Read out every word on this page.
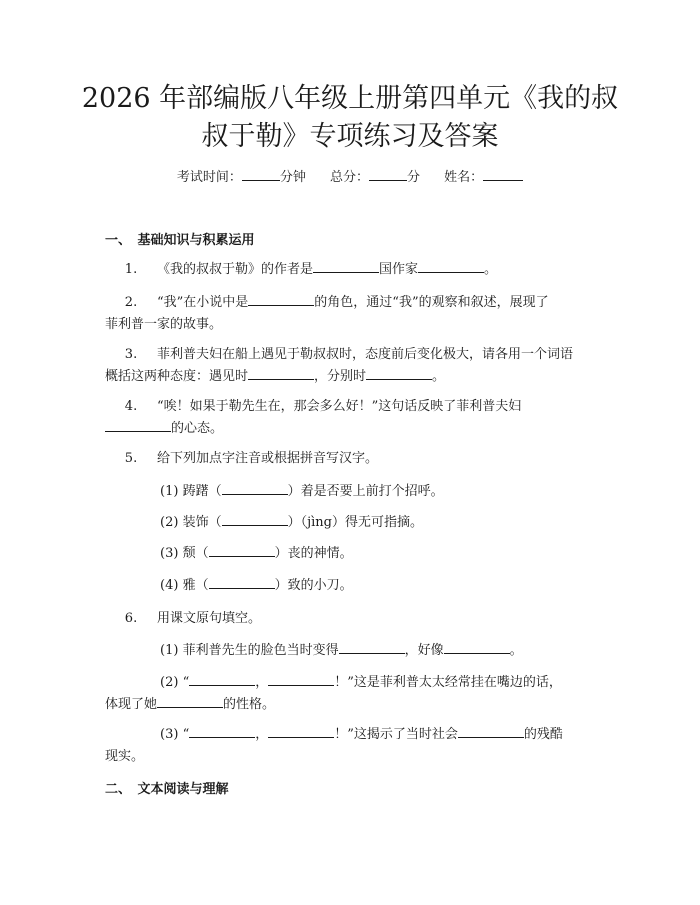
2026 年部编版八年级上册第四单元《我的叔
叔于勒》专项练习及答案
考试时间：	分钟 总分：	分 姓名：
一、　基础知识与积累运用
1. 《我的叔叔于勒》的作者是	国作家	。
2. “我”在小说中是	的角色，通过“我”的观察和叙述，展现了
菲利普一家的故事。
3. 菲利普夫妇在船上遇见于勒叔叔时，态度前后变化极大，请各用一个词语
概括这两种态度：遇见时	，分别时	。
4. “唉！如果于勒先生在，那会多么好！”这句话反映了菲利普夫妇
的心态。
5. 给下列加点字注音或根据拼音写汉字。
(1) 踌躇（	）着是否要上前打个招呼。
(2) 装饰（	）（jìng）得无可指摘。
(3) 颓（	）丧的神情。
(4) 雅（	）致的小刀。
6. 用课文原句填空。
(1) 菲利普先生的脸色当时变得	，好像	。
(2) “	，	！”这是菲利普太太经常挂在嘴边的话，
体现了她	的性格。
(3) “	，	！”这揭示了当时社会	的残酷
现实。
二、　文本阅读与理解
